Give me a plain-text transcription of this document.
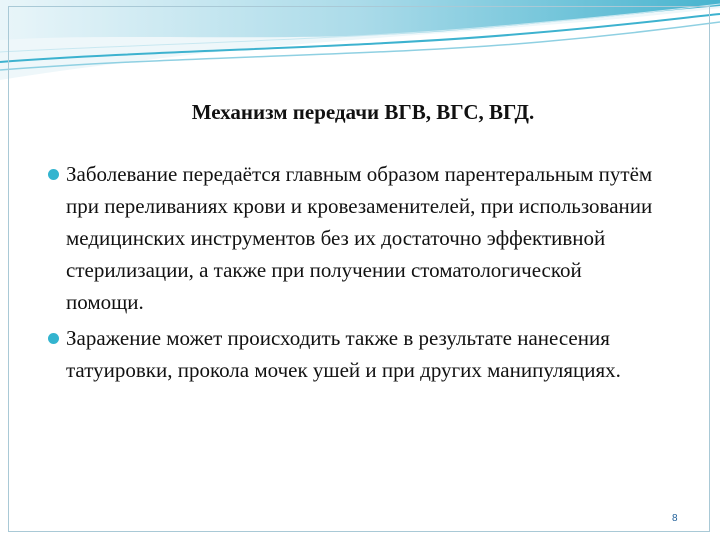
Механизм передачи ВГВ, ВГС, ВГД.
Заболевание передаётся главным образом парентеральным путём при переливаниях крови и кровезаменителей, при использовании медицинских инструментов без их достаточно эффективной стерилизации, а также при получении стоматологической помощи.
Заражение может происходить также в результате нанесения татуировки, прокола мочек ушей и при других манипуляциях.
8
